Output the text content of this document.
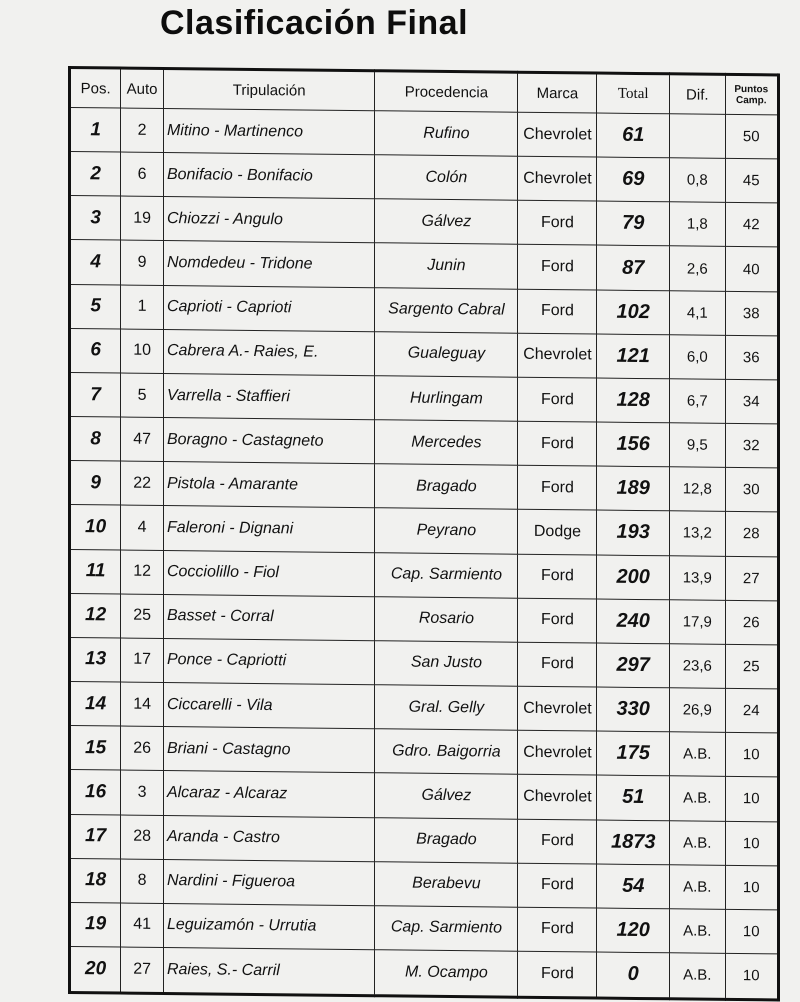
Clasificación Final
Pos.	Auto	Tripulación	Procedencia	Marca	Total	Dif.	Puntos Camp.
1	2	Mitino - Martinenco	Rufino	Chevrolet	61		50
2	6	Bonifacio - Bonifacio	Colón	Chevrolet	69	0,8	45
3	19	Chiozzi - Angulo	Gálvez	Ford	79	1,8	42
4	9	Nomdedeu - Tridone	Junin	Ford	87	2,6	40
5	1	Caprioti - Caprioti	Sargento Cabral	Ford	102	4,1	38
6	10	Cabrera A.- Raies, E.	Gualeguay	Chevrolet	121	6,0	36
7	5	Varrella - Staffieri	Hurlingam	Ford	128	6,7	34
8	47	Boragno - Castagneto	Mercedes	Ford	156	9,5	32
9	22	Pistola - Amarante	Bragado	Ford	189	12,8	30
10	4	Faleroni - Dignani	Peyrano	Dodge	193	13,2	28
11	12	Cocciolillo - Fiol	Cap. Sarmiento	Ford	200	13,9	27
12	25	Basset - Corral	Rosario	Ford	240	17,9	26
13	17	Ponce - Capriotti	San Justo	Ford	297	23,6	25
14	14	Ciccarelli - Vila	Gral. Gelly	Chevrolet	330	26,9	24
15	26	Briani - Castagno	Gdro. Baigorria	Chevrolet	175	A.B.	10
16	3	Alcaraz - Alcaraz	Gálvez	Chevrolet	51	A.B.	10
17	28	Aranda - Castro	Bragado	Ford	1873	A.B.	10
18	8	Nardini - Figueroa	Berabevu	Ford	54	A.B.	10
19	41	Leguizamón - Urrutia	Cap. Sarmiento	Ford	120	A.B.	10
20	27	Raies, S.- Carril	M. Ocampo	Ford	0	A.B.	10
